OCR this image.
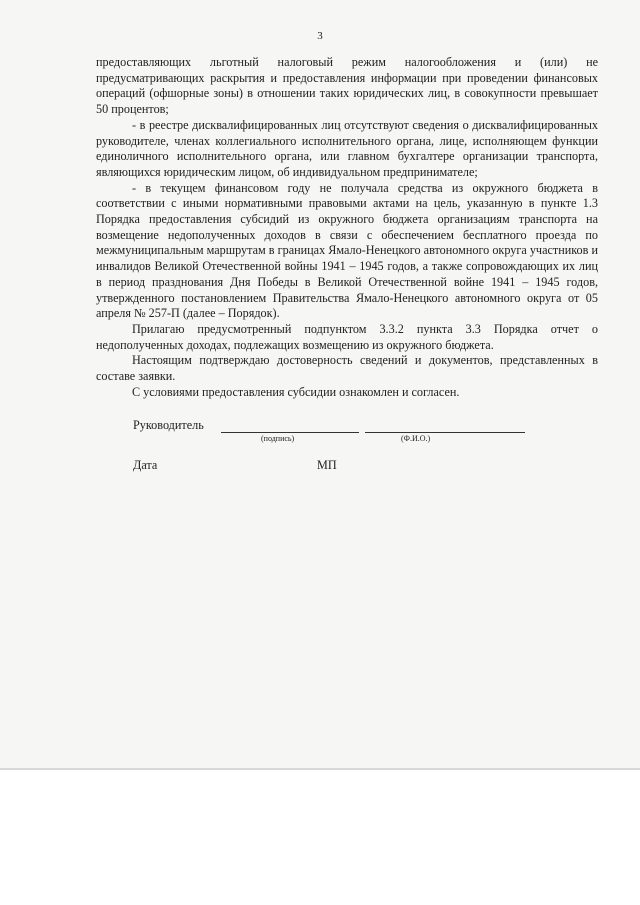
3

предоставляющих льготный налоговый режим налогообложения и (или) не предусматривающих раскрытия и предоставления информации при проведении финансовых операций (офшорные зоны) в отношении таких юридических лиц, в совокупности превышает 50 процентов;

- в реестре дисквалифицированных лиц отсутствуют сведения о дисквалифицированных руководителе, членах коллегиального исполнительного органа, лице, исполняющем функции единоличного исполнительного органа, или главном бухгалтере организации транспорта, являющихся юридическим лицом, об индивидуальном предпринимателе;

- в текущем финансовом году не получала средства из окружного бюджета в соответствии с иными нормативными правовыми актами на цель, указанную в пункте 1.3 Порядка предоставления субсидий из окружного бюджета организациям транспорта на возмещение недополученных доходов в связи с обеспечением бесплатного проезда по межмуниципальным маршрутам в границах Ямало-Ненецкого автономного округа участников и инвалидов Великой Отечественной войны 1941 – 1945 годов, а также сопровождающих их лиц в период празднования Дня Победы в Великой Отечественной войне 1941 – 1945 годов, утвержденного постановлением Правительства Ямало-Ненецкого автономного округа от 05 апреля № 257-П (далее – Порядок).

Прилагаю предусмотренный подпунктом 3.3.2 пункта 3.3 Порядка отчет о недополученных доходах, подлежащих возмещению из окружного бюджета.

Настоящим подтверждаю достоверность сведений и документов, представленных в составе заявки.

С условиями предоставления субсидии ознакомлен и согласен.

Руководитель
(подпись)	(Ф.И.О.)
Дата	МП
